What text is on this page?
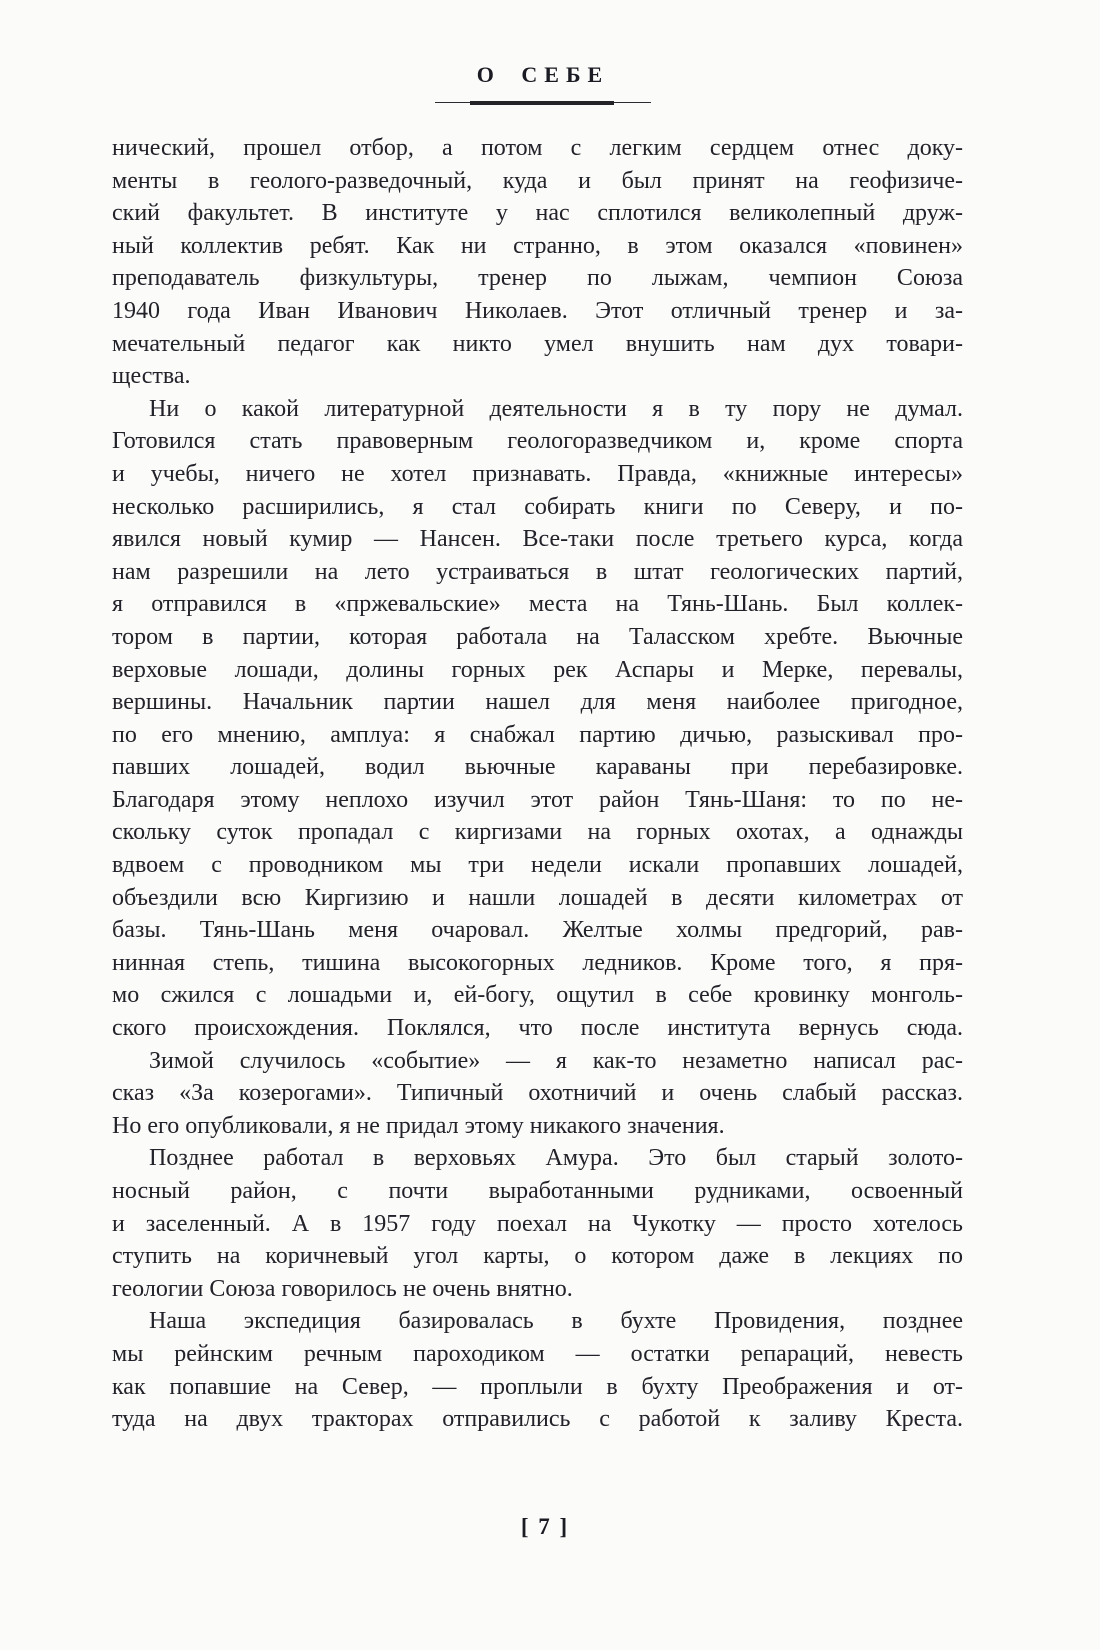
О СЕБЕ
нический, прошел отбор, а потом с легким сердцем отнес доку-
менты в геолого-разведочный, куда и был принят на геофизиче-
ский факультет. В институте у нас сплотился великолепный друж-
ный коллектив ребят. Как ни странно, в этом оказался «повинен»
преподаватель физкультуры, тренер по лыжам, чемпион Союза
1940 года Иван Иванович Николаев. Этот отличный тренер и за-
мечательный педагог как никто умел внушить нам дух товари-
щества.
Ни о какой литературной деятельности я в ту пору не думал.
Готовился стать правоверным геологоразведчиком и, кроме спорта
и учебы, ничего не хотел признавать. Правда, «книжные интересы»
несколько расширились, я стал собирать книги по Северу, и по-
явился новый кумир — Нансен. Все-таки после третьего курса, когда
нам разрешили на лето устраиваться в штат геологических партий,
я отправился в «пржевальские» места на Тянь-Шань. Был коллек-
тором в партии, которая работала на Таласском хребте. Вьючные
верховые лошади, долины горных рек Аспары и Мерке, перевалы,
вершины. Начальник партии нашел для меня наиболее пригодное,
по его мнению, амплуа: я снабжал партию дичью, разыскивал про-
павших лошадей, водил вьючные караваны при перебазировке.
Благодаря этому неплохо изучил этот район Тянь-Шаня: то по не-
скольку суток пропадал с киргизами на горных охотах, а однажды
вдвоем с проводником мы три недели искали пропавших лошадей,
объездили всю Киргизию и нашли лошадей в десяти километрах от
базы. Тянь-Шань меня очаровал. Желтые холмы предгорий, рав-
нинная степь, тишина высокогорных ледников. Кроме того, я пря-
мо сжился с лошадьми и, ей-богу, ощутил в себе кровинку монголь-
ского происхождения. Поклялся, что после института вернусь сюда.
Зимой случилось «событие» — я как-то незаметно написал рас-
сказ «За козерогами». Типичный охотничий и очень слабый рассказ.
Но его опубликовали, я не придал этому никакого значения.
Позднее работал в верховьях Амура. Это был старый золото-
носный район, с почти выработанными рудниками, освоенный
и заселенный. А в 1957 году поехал на Чукотку — просто хотелось
ступить на коричневый угол карты, о котором даже в лекциях по
геологии Союза говорилось не очень внятно.
Наша экспедиция базировалась в бухте Провидения, позднее
мы рейнским речным пароходиком — остатки репараций, невесть
как попавшие на Север, — проплыли в бухту Преображения и от-
туда на двух тракторах отправились с работой к заливу Креста.
[ 7 ]
